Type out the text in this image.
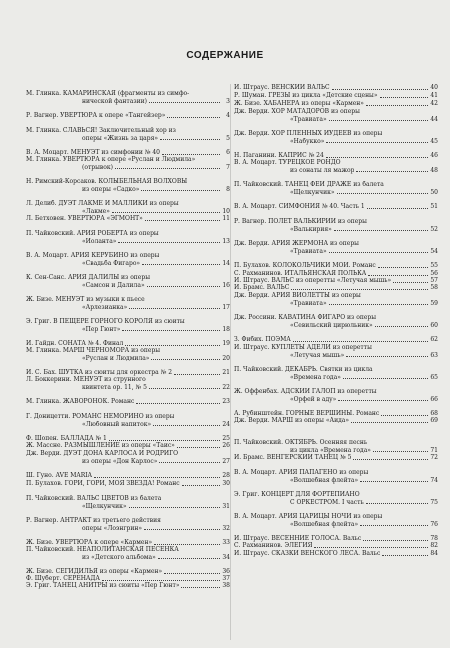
СОДЕРЖАНИЕ
М. Глинка. КАМАРИНСКАЯ (фрагменты из симфо-
нической фантазии)	3
Р. Вагнер. УВЕРТЮРА к опере «Тангейзер»	4
М. Глинка. СЛАВЬСЯ! Заключительный хор из
оперы «Жизнь за царя»	5
В. А. Моцарт. МЕНУЭТ из симфонии № 40	6
М. Глинка. УВЕРТЮРА к опере «Руслан и Людмила»
(отрывок)	7
Н. Римский-Корсаков. КОЛЫБЕЛЬНАЯ ВОЛХОВЫ
из оперы «Садко»	8
Л. Делиб. ДУЭТ ЛАКМЕ И МАЛЛИКИ из оперы
«Лакме»	10
Л. Бетховен. УВЕРТЮРА «ЭГМОНТ»	11
П. Чайковский. АРИЯ РОБЕРТА из оперы
«Иоланта»	13
В. А. Моцарт. АРИЯ КЕРУБИНО из оперы
«Свадьба Фигаро»	14
К. Сен-Санс. АРИЯ ДАЛИЛЫ из оперы
«Самсон и Далила»	16
Ж. Бизе. МЕНУЭТ из музыки к пьесе
«Арлезианка»	17
Э. Григ. В ПЕЩЕРЕ ГОРНОГО КОРОЛЯ из сюиты
«Пер Гюнт»	18
Й. Гайдн. СОНАТА № 4. Финал	19
М. Глинка. МАРШ ЧЕРНОМОРА из оперы
«Руслан и Людмила»	20
И. С. Бах. ШУТКА из сюиты для оркестра № 2	21
Л. Боккерини. МЕНУЭТ из струнного
квинтета ор. 11, № 5	22
М. Глинка. ЖАВОРОНОК. Романс	23
Г. Доницетти. РОМАНС НЕМОРИНО из оперы
«Любовный напиток»	24
Ф. Шопен. БАЛЛАДА № 1	25
Ж. Массне. РАЗМЫШЛЕНИЕ из оперы «Таис»	26
Дж. Верди. ДУЭТ ДОНА КАРЛОСА И РОДРИГО
из оперы «Дон Карлос»	27
Ш. Гуно. AVE MARIA	28
П. Булахов. ГОРИ, ГОРИ, МОЯ ЗВЕЗДА! Романс	30
П. Чайковский. ВАЛЬС ЦВЕТОВ из балета
«Щелкунчик»	31
Р. Вагнер. АНТРАКТ из третьего действия
оперы «Лоэнгрин»	32
Ж. Бизе. УВЕРТЮРА к опере «Кармен»	33
П. Чайковский. НЕАПОЛИТАНСКАЯ ПЕСЕНКА
из «Детского альбома»	34
Ж. Бизе. СЕГИДИЛЬЯ из оперы «Кармен»	36
Ф. Шуберт. СЕРЕНАДА	37
Э. Григ. ТАНЕЦ АНИТРЫ из сюиты «Пер Гюнт»	38
И. Штраус. ВЕНСКИЙ ВАЛЬС	40
Р. Шуман. ГРЁЗЫ из цикла «Детские сцены»	41
Ж. Бизе. ХАБАНЕРА из оперы «Кармен»	42
Дж. Верди. ХОР МАТАДОРОВ из оперы
«Травиата»	44
Дж. Верди. ХОР ПЛЕННЫХ ИУДЕЕВ из оперы
«Набукко»	45
Н. Паганини. КАПРИС № 24	46
В. А. Моцарт. ТУРЕЦКОЕ РОНДО
из сонаты ля мажор	48
П. Чайковский. ТАНЕЦ ФЕИ ДРАЖЕ из балета
«Щелкунчик»	50
В. А. Моцарт. СИМФОНИЯ № 40. Часть 1	51
Р. Вагнер. ПОЛЁТ ВАЛЬКИРИЙ из оперы
«Валькирия»	52
Дж. Верди. АРИЯ ЖЕРМОНА из оперы
«Травиата»	54
П. Булахов. КОЛОКОЛЬЧИКИ МОИ. Романс	55
С. Рахманинов. ИТАЛЬЯНСКАЯ ПОЛЬКА	56
И. Штраус. ВАЛЬС из оперетты «Летучая мышь»	57
И. Брамс. ВАЛЬС	58
Дж. Верди. АРИЯ ВИОЛЕТТЫ из оперы
«Травиата»	59
Дж. Россини. КАВАТИНА ФИГАРО из оперы
«Севильский цирюльник»	60
З. Фибих. ПОЭМА	62
И. Штраус. КУПЛЕТЫ АДЕЛИ из оперетты
«Летучая мышь»	63
П. Чайковский. ДЕКАБРЬ. Святки из цикла
«Времена года»	65
Ж. Оффенбах. АДСКИЙ ГАЛОП из оперетты
«Орфей в аду»	66
А. Рубинштейн. ГОРНЫЕ ВЕРШИНЫ. Романс	68
Дж. Верди. МАРШ из оперы «Аида»	69
П. Чайковский. ОКТЯБРЬ. Осенняя песнь
из цикла «Времена года»	71
И. Брамс. ВЕНГЕРСКИЙ ТАНЕЦ № 5	72
В. А. Моцарт. АРИЯ ПАПАГЕНО из оперы
«Волшебная флейта»	74
Э. Григ. КОНЦЕРТ ДЛЯ ФОРТЕПИАНО
С ОРКЕСТРОМ. I часть	75
В. А. Моцарт. АРИЯ ЦАРИЦЫ НОЧИ из оперы
«Волшебная флейта»	76
И. Штраус. ВЕСЕННИЕ ГОЛОСА. Вальс	78
С. Рахманинов. ЭЛЕГИЯ	82
И. Штраус. СКАЗКИ ВЕНСКОГО ЛЕСА. Вальс	84
